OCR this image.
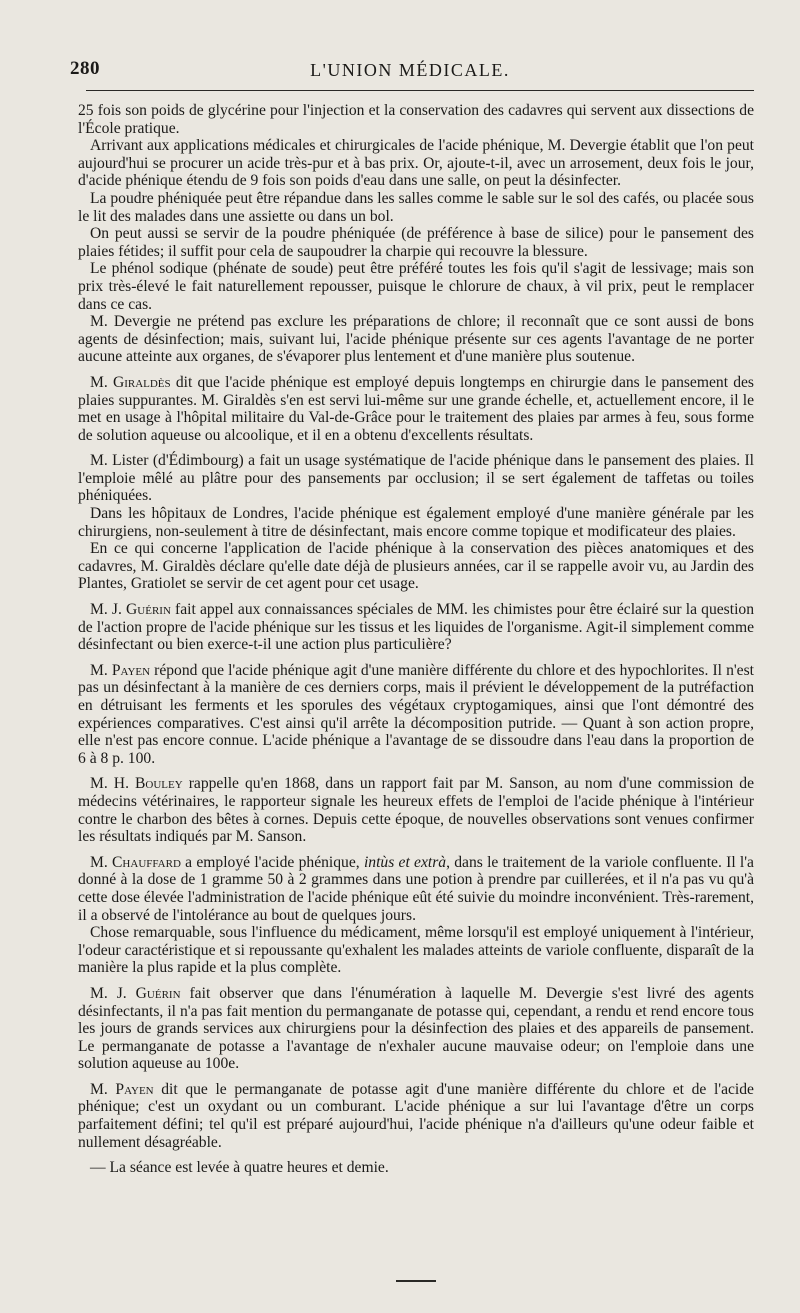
280	L'UNION MÉDICALE.

25 fois son poids de glycérine pour l'injection et la conservation des cadavres qui servent aux dissections de l'École pratique.

Arrivant aux applications médicales et chirurgicales de l'acide phénique, M. Devergie établit que l'on peut aujourd'hui se procurer un acide très-pur et à bas prix. Or, ajoute-t-il, avec un arrosement, deux fois le jour, d'acide phénique étendu de 9 fois son poids d'eau dans une salle, on peut la désinfecter.

La poudre phéniquée peut être répandue dans les salles comme le sable sur le sol des cafés, ou placée sous le lit des malades dans une assiette ou dans un bol.

On peut aussi se servir de la poudre phéniquée (de préférence à base de silice) pour le pansement des plaies fétides; il suffit pour cela de saupoudrer la charpie qui recouvre la blessure.

Le phénol sodique (phénate de soude) peut être préféré toutes les fois qu'il s'agit de lessivage; mais son prix très-élevé le fait naturellement repousser, puisque le chlorure de chaux, à vil prix, peut le remplacer dans ce cas.

M. Devergie ne prétend pas exclure les préparations de chlore; il reconnaît que ce sont aussi de bons agents de désinfection; mais, suivant lui, l'acide phénique présente sur ces agents l'avantage de ne porter aucune atteinte aux organes, de s'évaporer plus lentement et d'une manière plus soutenue.

M. Giraldès dit que l'acide phénique est employé depuis longtemps en chirurgie dans le pansement des plaies suppurantes. M. Giraldès s'en est servi lui-même sur une grande échelle, et, actuellement encore, il le met en usage à l'hôpital militaire du Val-de-Grâce pour le traitement des plaies par armes à feu, sous forme de solution aqueuse ou alcoolique, et il en a obtenu d'excellents résultats.

M. Lister (d'Édimbourg) a fait un usage systématique de l'acide phénique dans le pansement des plaies. Il l'emploie mêlé au plâtre pour des pansements par occlusion; il se sert également de taffetas ou toiles phéniquées.

Dans les hôpitaux de Londres, l'acide phénique est également employé d'une manière générale par les chirurgiens, non-seulement à titre de désinfectant, mais encore comme topique et modificateur des plaies.

En ce qui concerne l'application de l'acide phénique à la conservation des pièces anatomiques et des cadavres, M. Giraldès déclare qu'elle date déjà de plusieurs années, car il se rappelle avoir vu, au Jardin des Plantes, Gratiolet se servir de cet agent pour cet usage.

M. J. Guérin fait appel aux connaissances spéciales de MM. les chimistes pour être éclairé sur la question de l'action propre de l'acide phénique sur les tissus et les liquides de l'organisme. Agit-il simplement comme désinfectant ou bien exerce-t-il une action plus particulière?

M. Payen répond que l'acide phénique agit d'une manière différente du chlore et des hypochlorites. Il n'est pas un désinfectant à la manière de ces derniers corps, mais il prévient le développement de la putréfaction en détruisant les ferments et les sporules des végétaux cryptogamiques, ainsi que l'ont démontré des expériences comparatives. C'est ainsi qu'il arrête la décomposition putride. — Quant à son action propre, elle n'est pas encore connue. L'acide phénique a l'avantage de se dissoudre dans l'eau dans la proportion de 6 à 8 p. 100.

M. H. Bouley rappelle qu'en 1868, dans un rapport fait par M. Sanson, au nom d'une commission de médecins vétérinaires, le rapporteur signale les heureux effets de l'emploi de l'acide phénique à l'intérieur contre le charbon des bêtes à cornes. Depuis cette époque, de nouvelles observations sont venues confirmer les résultats indiqués par M. Sanson.

M. Chauffard a employé l'acide phénique, intùs et extrà, dans le traitement de la variole confluente. Il l'a donné à la dose de 1 gramme 50 à 2 grammes dans une potion à prendre par cuillerées, et il n'a pas vu qu'à cette dose élevée l'administration de l'acide phénique eût été suivie du moindre inconvénient. Très-rarement, il a observé de l'intolérance au bout de quelques jours.

Chose remarquable, sous l'influence du médicament, même lorsqu'il est employé uniquement à l'intérieur, l'odeur caractéristique et si repoussante qu'exhalent les malades atteints de variole confluente, disparaît de la manière la plus rapide et la plus complète.

M. J. Guérin fait observer que dans l'énumération à laquelle M. Devergie s'est livré des agents désinfectants, il n'a pas fait mention du permanganate de potasse qui, cependant, a rendu et rend encore tous les jours de grands services aux chirurgiens pour la désinfection des plaies et des appareils de pansement. Le permanganate de potasse a l'avantage de n'exhaler aucune mauvaise odeur; on l'emploie dans une solution aqueuse au 100e.

M. Payen dit que le permanganate de potasse agit d'une manière différente du chlore et de l'acide phénique; c'est un oxydant ou un comburant. L'acide phénique a sur lui l'avantage d'être un corps parfaitement défini; tel qu'il est préparé aujourd'hui, l'acide phénique n'a d'ailleurs qu'une odeur faible et nullement désagréable.

— La séance est levée à quatre heures et demie.
